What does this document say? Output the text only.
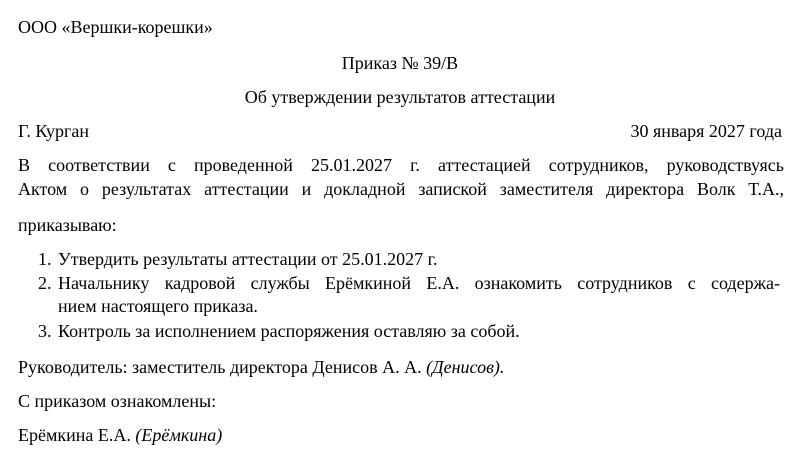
ООО «Вершки-корешки»
Приказ № 39/В
Об утверждении результатов аттестации
Г. Курган	30 января 2027 года
В соответствии с проведенной 25.01.2027 г. аттестацией сотрудников, руководствуясь
Актом о результатах аттестации и докладной запиской заместителя директора Волк Т.А.,
приказываю:
1. Утвердить результаты аттестации от 25.01.2027 г.
2. Начальнику кадровой службы Ерёмкиной Е.А. ознакомить сотрудников с содержа-
нием настоящего приказа.
3. Контроль за исполнением распоряжения оставляю за собой.
Руководитель: заместитель директора Денисов А. А. (Денисов).
С приказом ознакомлены:
Ерёмкина Е.А. (Ерёмкина)
